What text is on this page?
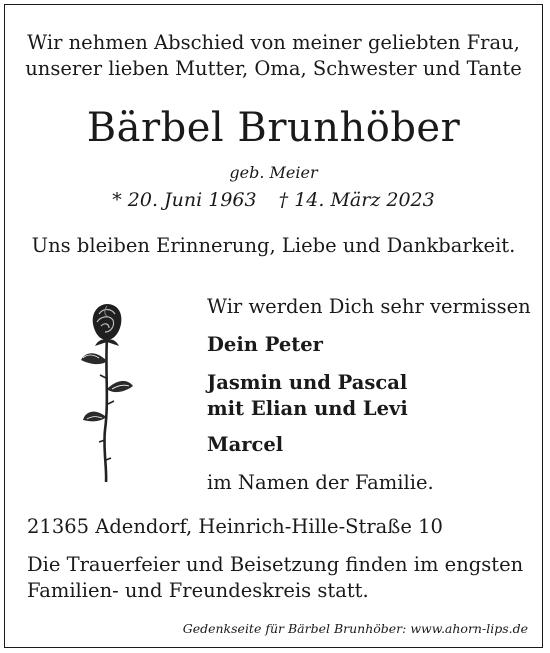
Wir nehmen Abschied von meiner geliebten Frau,
unserer lieben Mutter, Oma, Schwester und Tante
Bärbel Brunhöber
geb. Meier
* 20. Juni 1963 † 14. März 2023
Uns bleiben Erinnerung, Liebe und Dankbarkeit.
Wir werden Dich sehr vermissen
Dein Peter
Jasmin und Pascal
mit Elian und Levi
Marcel
im Namen der Familie.
21365 Adendorf, Heinrich-Hille-Straße 10
Die Trauerfeier und Beisetzung finden im engsten
Familien- und Freundeskreis statt.
Gedenkseite für Bärbel Brunhöber: www.ahorn-lips.de
